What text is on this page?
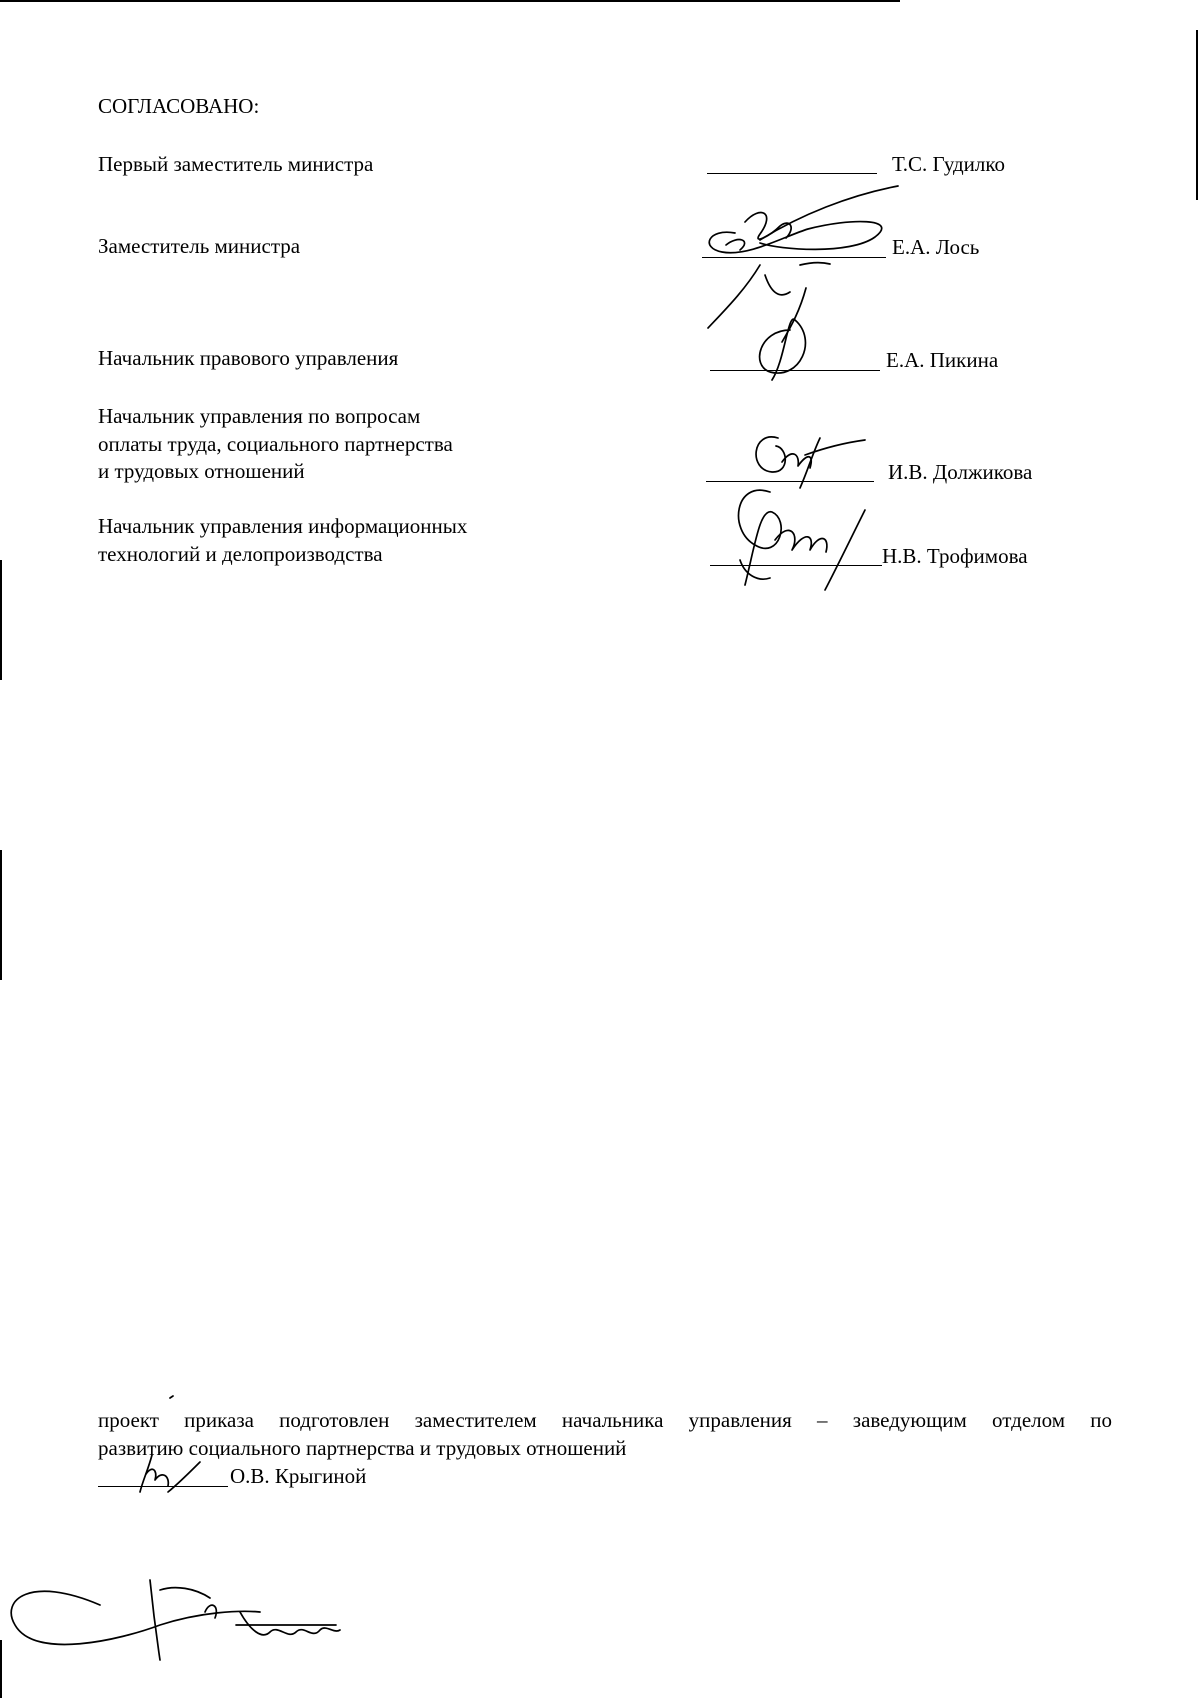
СОГЛАСОВАНО:
Первый заместитель министра	Т.С. Гудилко
Заместитель министра	Е.А. Лось
Начальник правового управления	Е.А. Пикина
Начальник управления по вопросам
оплаты труда, социального партнерства
и трудовых отношений	И.В. Должикова
Начальник управления информационных
технологий и делопроизводства	Н.В. Трофимова
проект приказа подготовлен заместителем начальника управления – заведующим отделом по
развитию социального партнерства и трудовых отношений
О.В. Крыгиной
